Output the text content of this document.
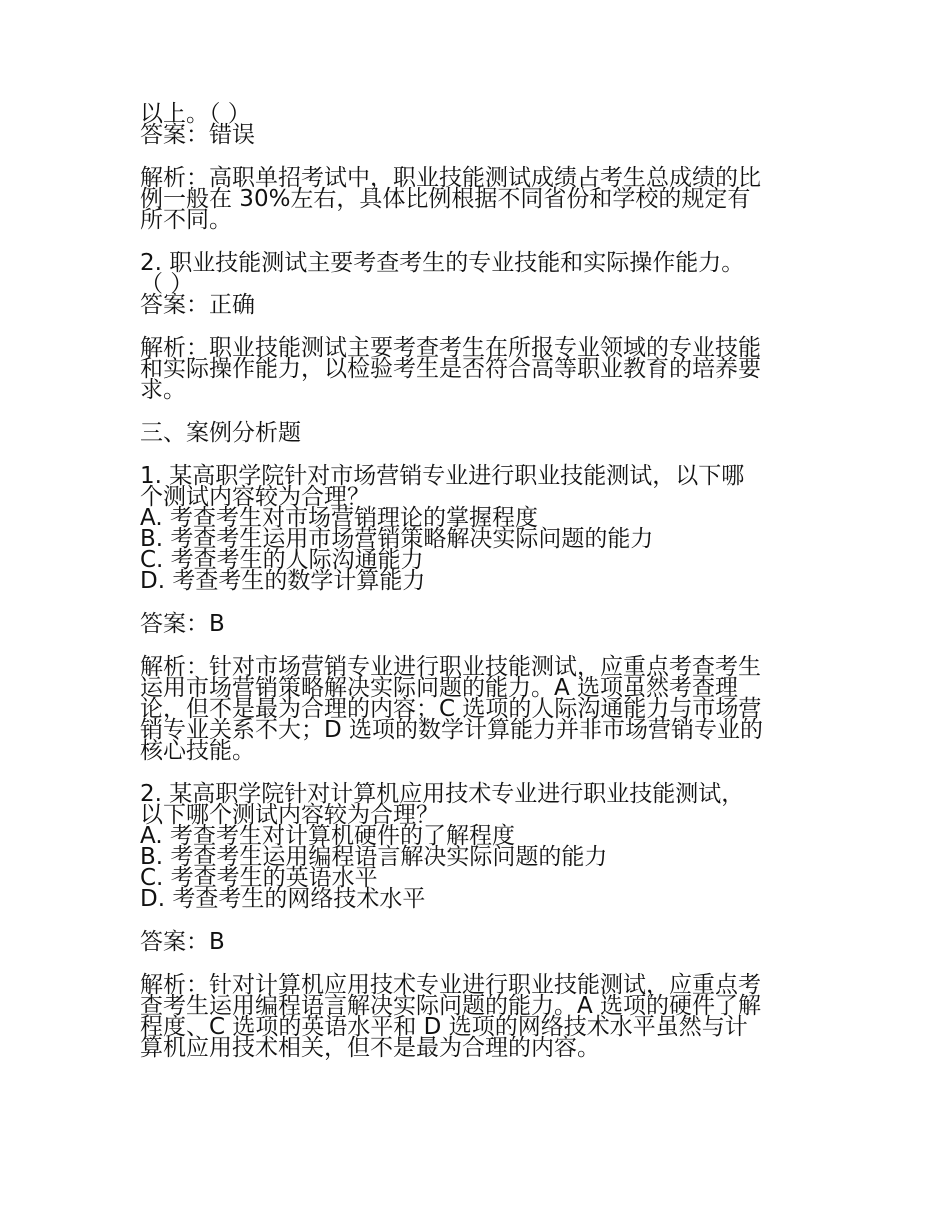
以上。（ ）
答案：错误
解析：高职单招考试中，职业技能测试成绩占考生总成绩的比
例一般在 30%左右，具体比例根据不同省份和学校的规定有
所不同。
2. 职业技能测试主要考查考生的专业技能和实际操作能力。
（ ）
答案：正确
解析：职业技能测试主要考查考生在所报专业领域的专业技能
和实际操作能力，以检验考生是否符合高等职业教育的培养要
求。
三、案例分析题
1. 某高职学院针对市场营销专业进行职业技能测试，以下哪
个测试内容较为合理？
A. 考查考生对市场营销理论的掌握程度
B. 考查考生运用市场营销策略解决实际问题的能力
C. 考查考生的人际沟通能力
D. 考查考生的数学计算能力
答案：B
解析：针对市场营销专业进行职业技能测试，应重点考查考生
运用市场营销策略解决实际问题的能力。A 选项虽然考查理
论，但不是最为合理的内容；C 选项的人际沟通能力与市场营
销专业关系不大；D 选项的数学计算能力并非市场营销专业的
核心技能。
2. 某高职学院针对计算机应用技术专业进行职业技能测试，
以下哪个测试内容较为合理？
A. 考查考生对计算机硬件的了解程度
B. 考查考生运用编程语言解决实际问题的能力
C. 考查考生的英语水平
D. 考查考生的网络技术水平
答案：B
解析：针对计算机应用技术专业进行职业技能测试，应重点考
查考生运用编程语言解决实际问题的能力。A 选项的硬件了解
程度、C 选项的英语水平和 D 选项的网络技术水平虽然与计
算机应用技术相关，但不是最为合理的内容。
